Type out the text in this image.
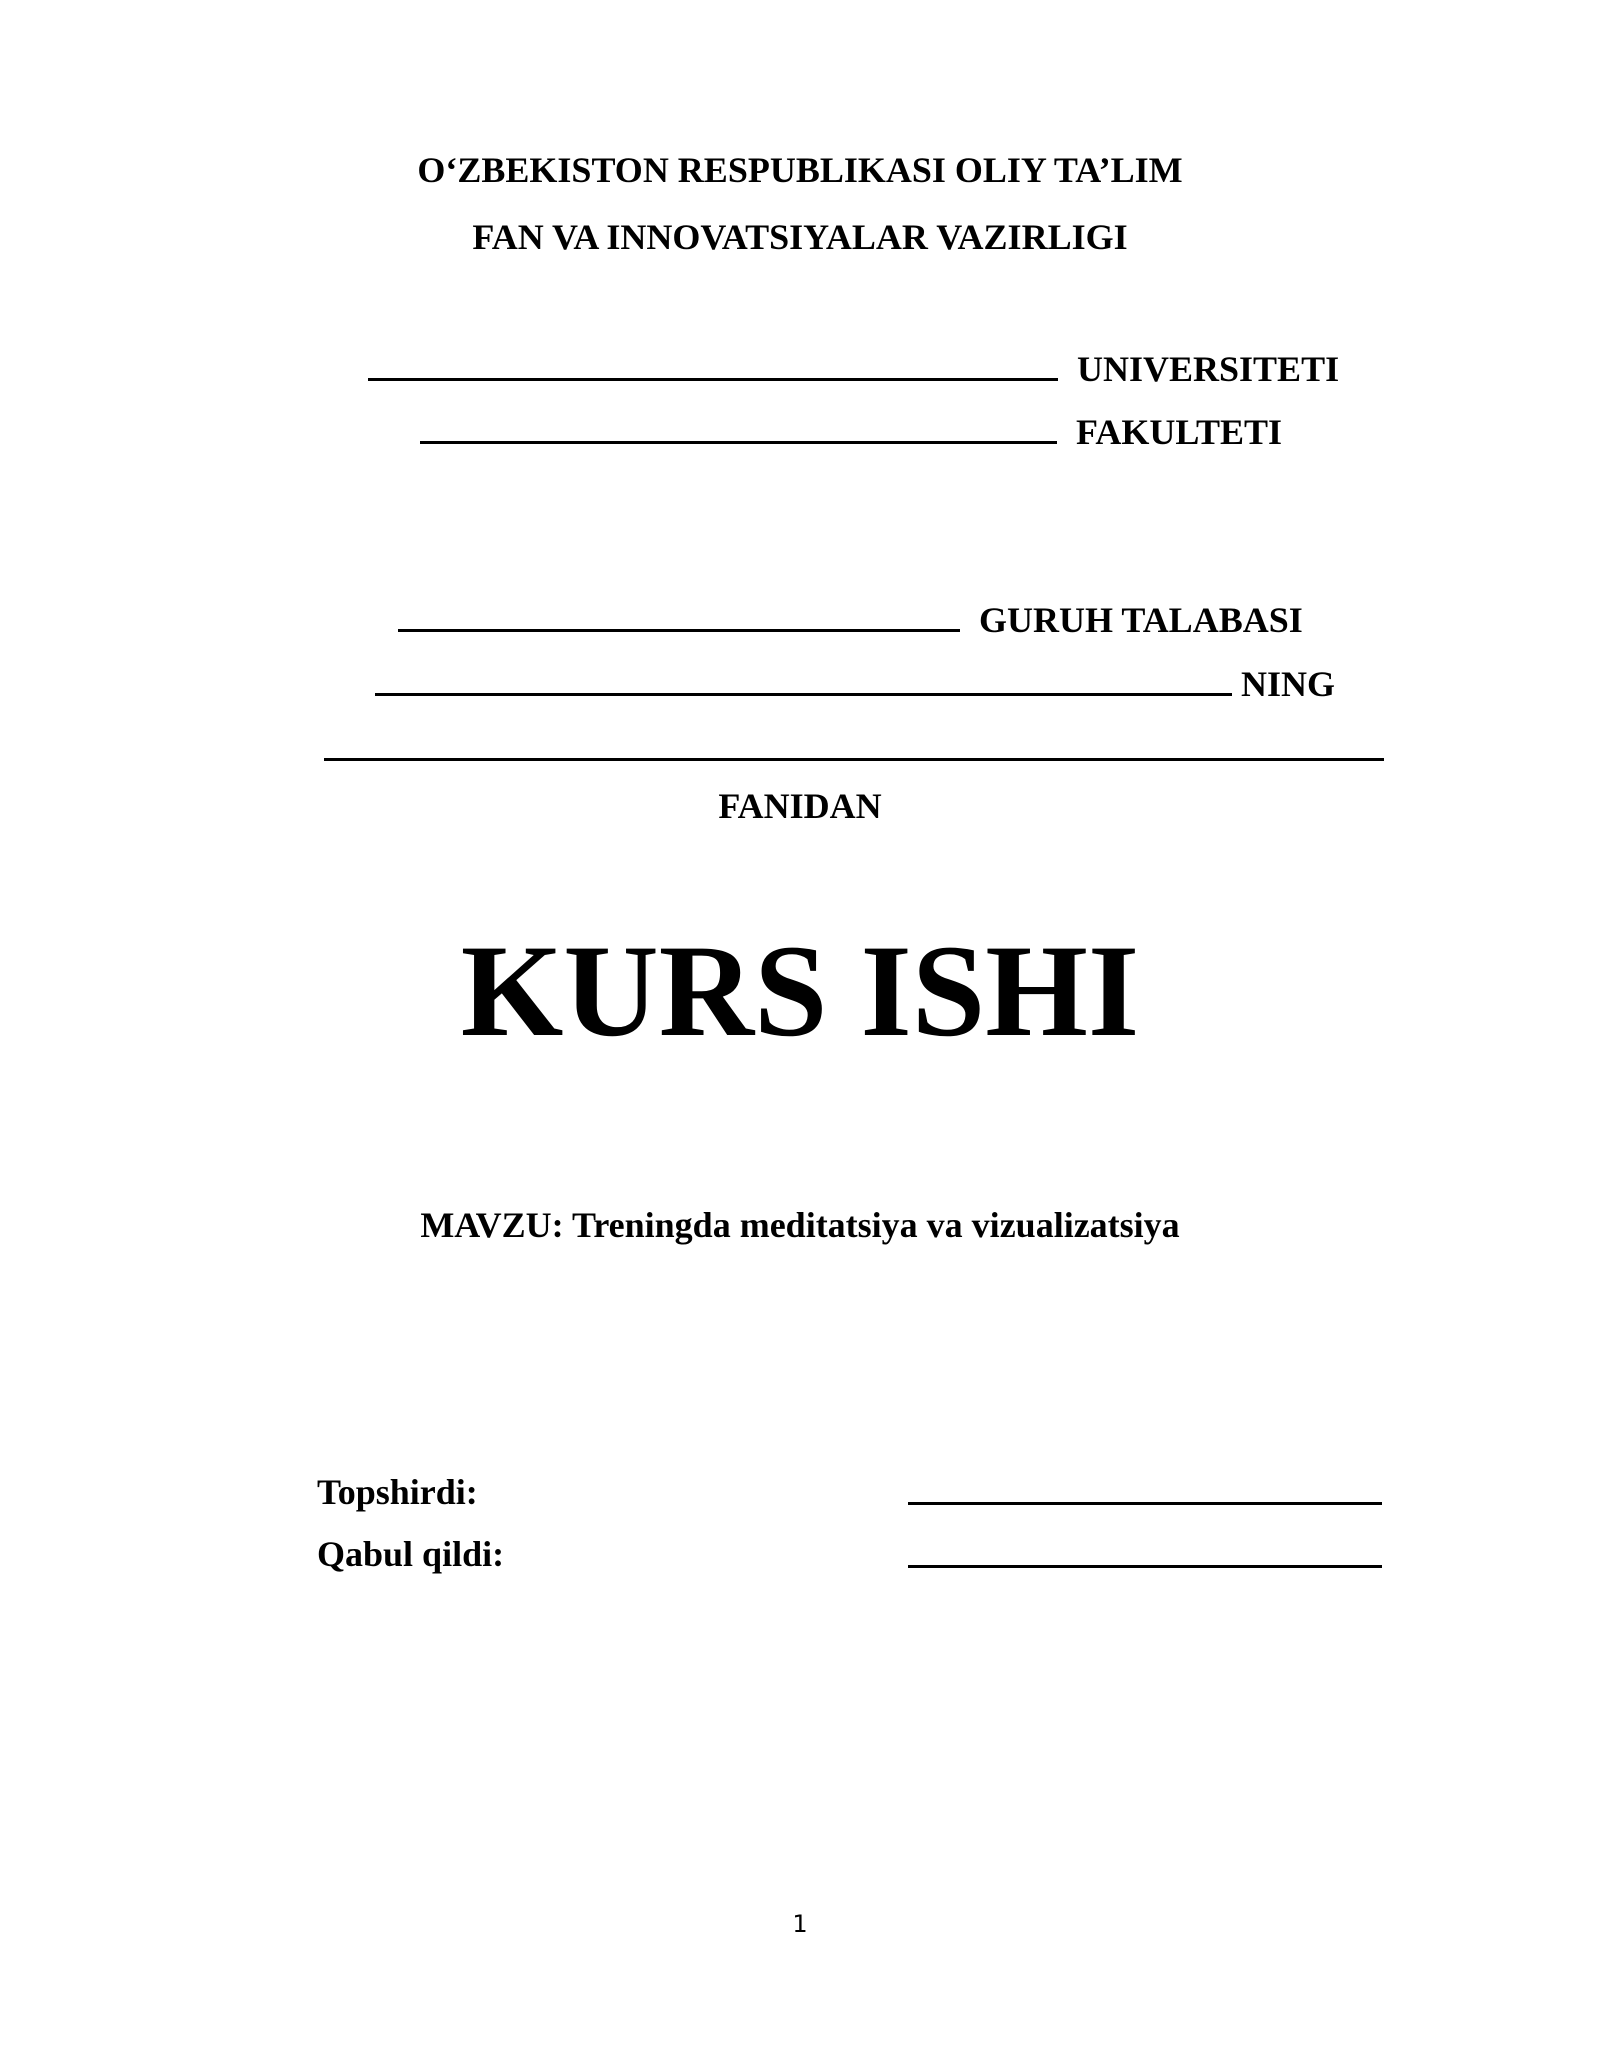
O‘ZBEKISTON RESPUBLIKASI OLIY TA’LIM
FAN VA INNOVATSIYALAR VAZIRLIGI
UNIVERSITETI
FAKULTETI
GURUH TALABASI
NING
FANIDAN
KURS ISHI
MAVZU: Treningda meditatsiya va vizualizatsiya
Topshirdi:
Qabul qildi:
1
